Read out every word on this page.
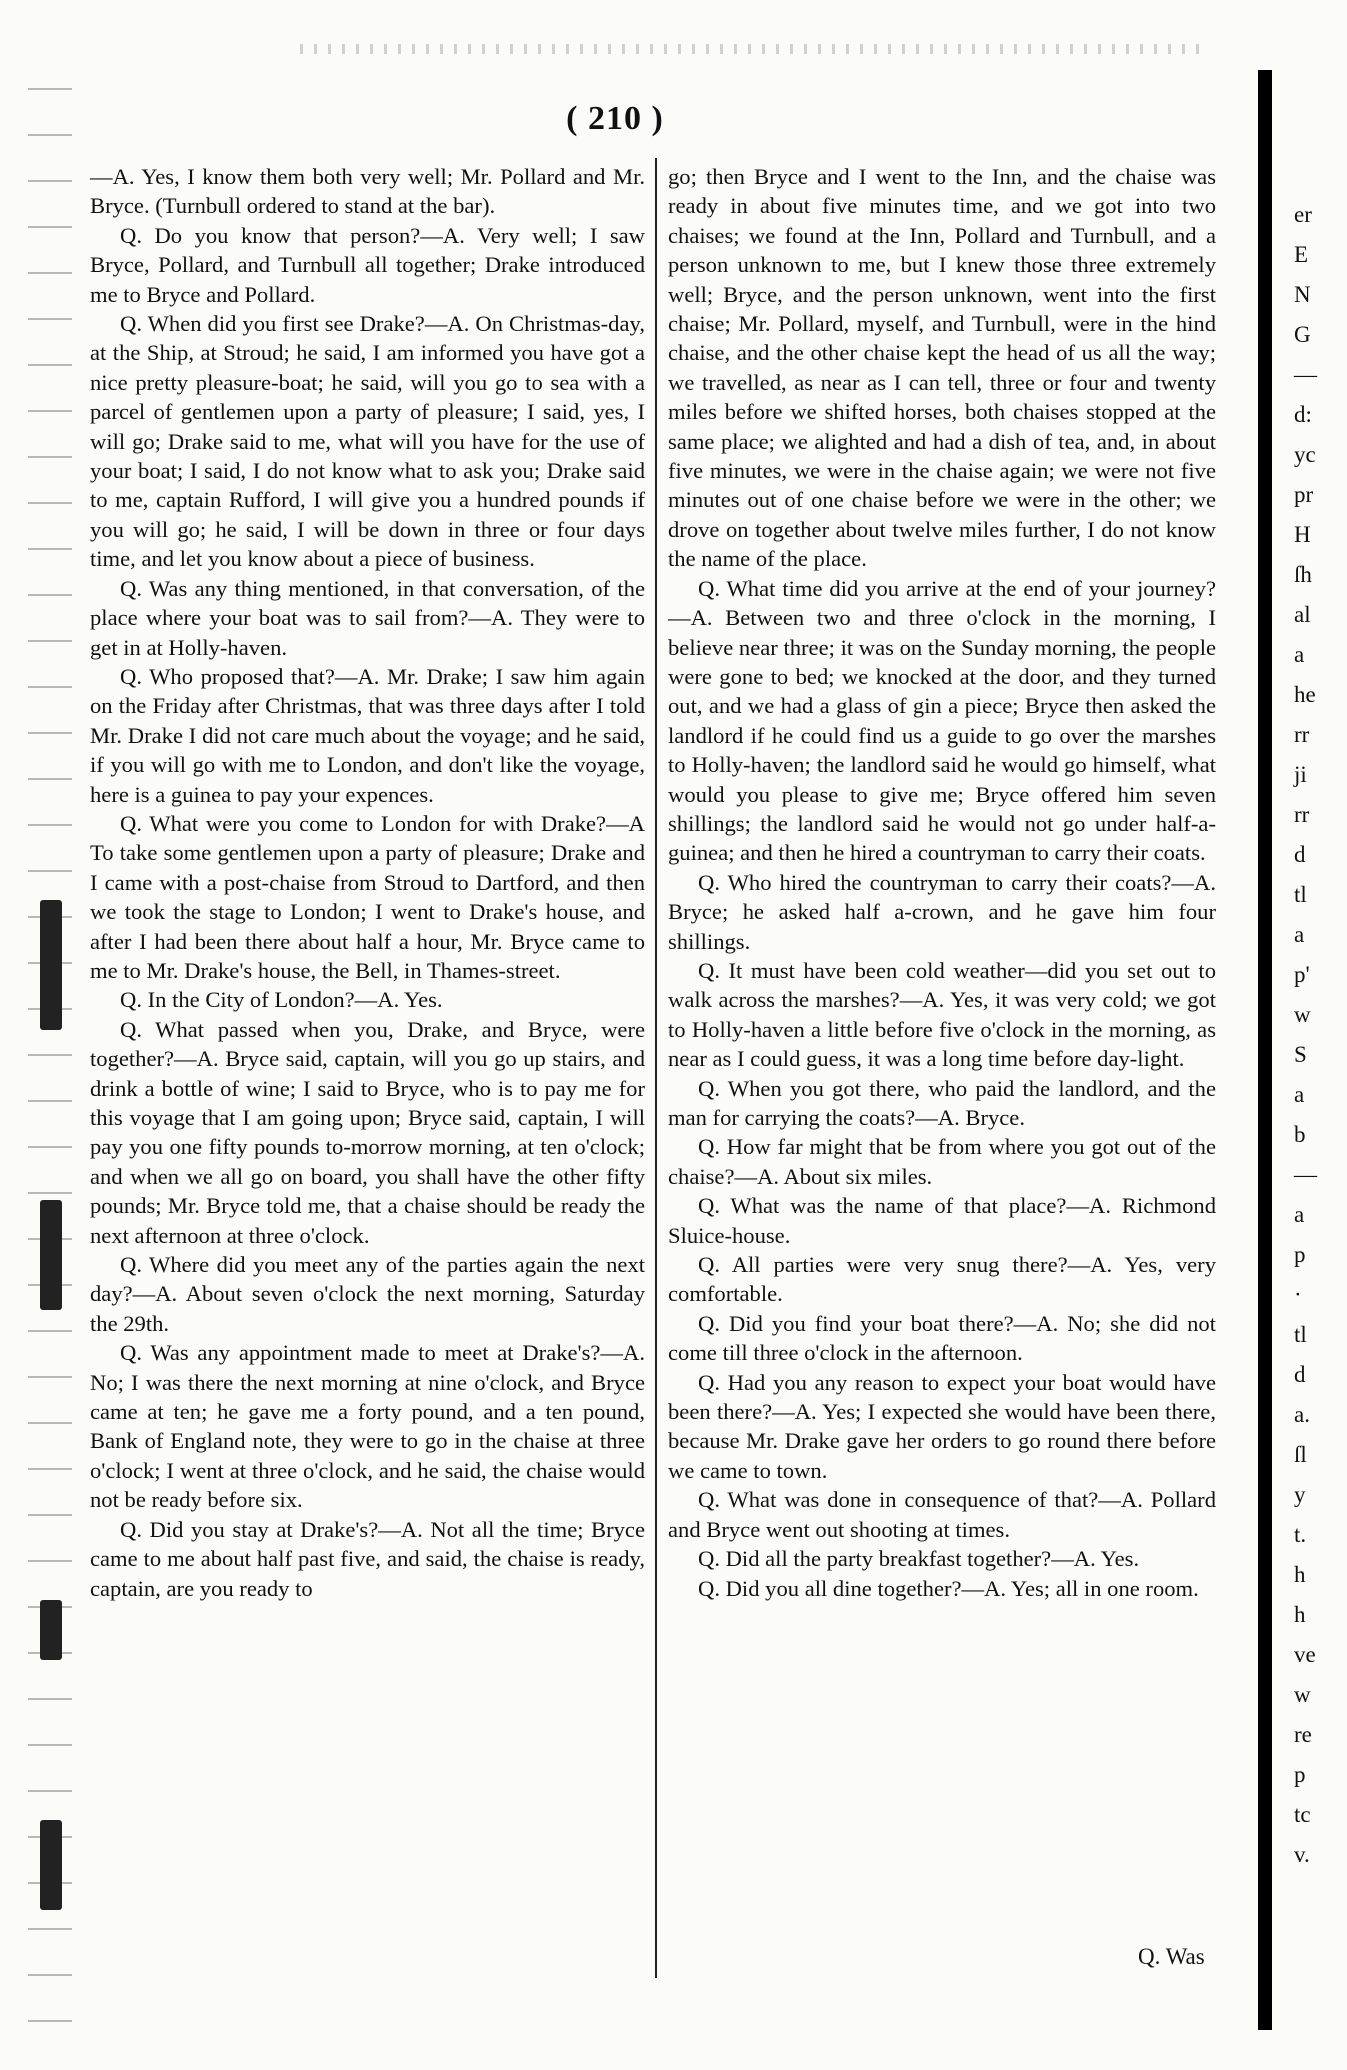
( 210 )

—A. Yes, I know them both very well; Mr. Pollard and Mr. Bryce. (Turnbull ordered to stand at the bar).

Q. Do you know that person?—A. Very well; I saw Bryce, Pollard, and Turnbull all together; Drake introduced me to Bryce and Pollard.

Q. When did you first see Drake?—A. On Christmas-day, at the Ship, at Stroud; he said, I am informed you have got a nice pretty pleasure-boat; he said, will you go to sea with a parcel of gentlemen upon a party of pleasure; I said, yes, I will go; Drake said to me, what will you have for the use of your boat; I said, I do not know what to ask you; Drake said to me, captain Rufford, I will give you a hundred pounds if you will go; he said, I will be down in three or four days time, and let you know about a piece of business.

Q. Was any thing mentioned, in that conversation, of the place where your boat was to sail from?—A. They were to get in at Holly-haven.

Q. Who proposed that?—A. Mr. Drake; I saw him again on the Friday after Christmas, that was three days after I told Mr. Drake I did not care much about the voyage; and he said, if you will go with me to London, and don't like the voyage, here is a guinea to pay your expences.

Q. What were you come to London for with Drake?—A To take some gentlemen upon a party of pleasure; Drake and I came with a post-chaise from Stroud to Dartford, and then we took the stage to London; I went to Drake's house, and after I had been there about half a hour, Mr. Bryce came to me to Mr. Drake's house, the Bell, in Thames-street.

Q. In the City of London?—A. Yes.

Q. What passed when you, Drake, and Bryce, were together?—A. Bryce said, captain, will you go up stairs, and drink a bottle of wine; I said to Bryce, who is to pay me for this voyage that I am going upon; Bryce said, captain, I will pay you one fifty pounds to-morrow morning, at ten o'clock; and when we all go on board, you shall have the other fifty pounds; Mr. Bryce told me, that a chaise should be ready the next afternoon at three o'clock.

Q. Where did you meet any of the parties again the next day?—A. About seven o'clock the next morning, Saturday the 29th.

Q. Was any appointment made to meet at Drake's?—A. No; I was there the next morning at nine o'clock, and Bryce came at ten; he gave me a forty pound, and a ten pound, Bank of England note, they were to go in the chaise at three o'clock; I went at three o'clock, and he said, the chaise would not be ready before six.

Q. Did you stay at Drake's?—A. Not all the time; Bryce came to me about half past five, and said, the chaise is ready, captain, are you ready to

go; then Bryce and I went to the Inn, and the chaise was ready in about five minutes time, and we got into two chaises; we found at the Inn, Pollard and Turnbull, and a person unknown to me, but I knew those three extremely well; Bryce, and the person unknown, went into the first chaise; Mr. Pollard, myself, and Turnbull, were in the hind chaise, and the other chaise kept the head of us all the way; we travelled, as near as I can tell, three or four and twenty miles before we shifted horses, both chaises stopped at the same place; we alighted and had a dish of tea, and, in about five minutes, we were in the chaise again; we were not five minutes out of one chaise before we were in the other; we drove on together about twelve miles further, I do not know the name of the place.

Q. What time did you arrive at the end of your journey?—A. Between two and three o'clock in the morning, I believe near three; it was on the Sunday morning, the people were gone to bed; we knocked at the door, and they turned out, and we had a glass of gin a piece; Bryce then asked the landlord if he could find us a guide to go over the marshes to Holly-haven; the landlord said he would go himself, what would you please to give me; Bryce offered him seven shillings; the landlord said he would not go under half-a-guinea; and then he hired a countryman to carry their coats.

Q. Who hired the countryman to carry their coats?—A. Bryce; he asked half a-crown, and he gave him four shillings.

Q. It must have been cold weather—did you set out to walk across the marshes?—A. Yes, it was very cold; we got to Holly-haven a little before five o'clock in the morning, as near as I could guess, it was a long time before day-light.

Q. When you got there, who paid the landlord, and the man for carrying the coats?—A. Bryce.

Q. How far might that be from where you got out of the chaise?—A. About six miles.

Q. What was the name of that place?—A. Richmond Sluice-house.

Q. All parties were very snug there?—A. Yes, very comfortable.

Q. Did you find your boat there?—A. No; she did not come till three o'clock in the afternoon.

Q. Had you any reason to expect your boat would have been there?—A. Yes; I expected she would have been there, because Mr. Drake gave her orders to go round there before we came to town.

Q. What was done in consequence of that?—A. Pollard and Bryce went out shooting at times.

Q. Did all the party breakfast together?—A. Yes.

Q. Did you all dine together?—A. Yes; all in one room.

Q. Was
er
E
N
G
—
d:
yc
pr
H
ſh
al
a
he
rr
ji
rr
d
tl
a
p'
w
S
a
b
—
a
p
·
tl
d
a.
ſl
y
t.
h
h
ve
w
re
p
tc
v.
